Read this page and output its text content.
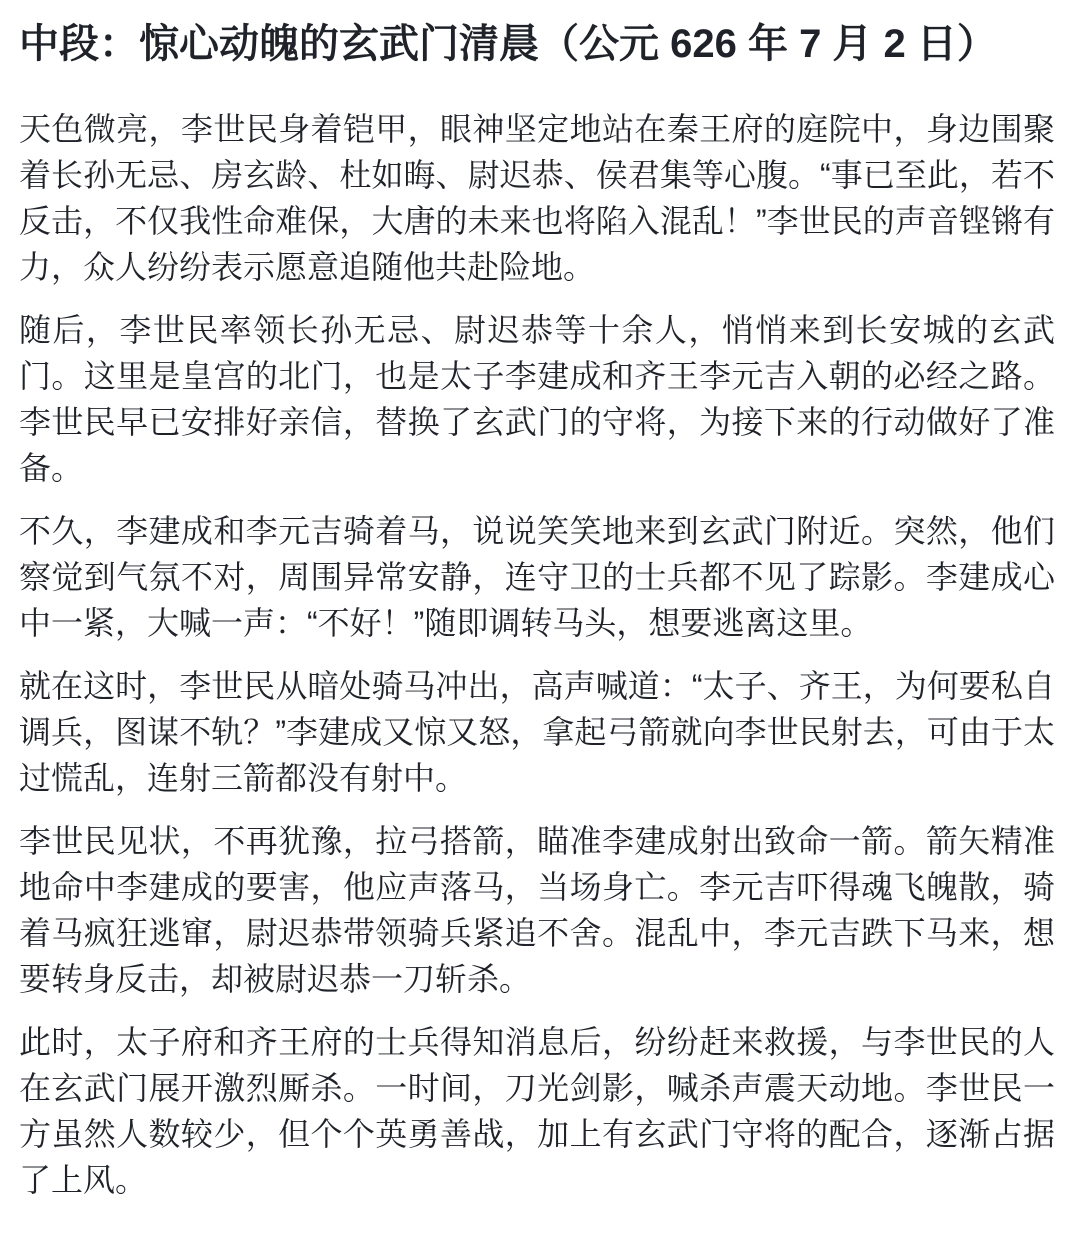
中段：惊心动魄的玄武门清晨（公元 626 年 7 月 2 日）

天色微亮，李世民身着铠甲，眼神坚定地站在秦王府的庭院中，身边围聚着长孙无忌、房玄龄、杜如晦、尉迟恭、侯君集等心腹。“事已至此，若不反击，不仅我性命难保，大唐的未来也将陷入混乱！”李世民的声音铿锵有力，众人纷纷表示愿意追随他共赴险地。

随后，李世民率领长孙无忌、尉迟恭等十余人，悄悄来到长安城的玄武门。这里是皇宫的北门，也是太子李建成和齐王李元吉入朝的必经之路。李世民早已安排好亲信，替换了玄武门的守将，为接下来的行动做好了准备。

不久，李建成和李元吉骑着马，说说笑笑地来到玄武门附近。突然，他们察觉到气氛不对，周围异常安静，连守卫的士兵都不见了踪影。李建成心中一紧，大喊一声：“不好！”随即调转马头，想要逃离这里。

就在这时，李世民从暗处骑马冲出，高声喊道：“太子、齐王，为何要私自调兵，图谋不轨？”李建成又惊又怒，拿起弓箭就向李世民射去，可由于太过慌乱，连射三箭都没有射中。

李世民见状，不再犹豫，拉弓搭箭，瞄准李建成射出致命一箭。箭矢精准地命中李建成的要害，他应声落马，当场身亡。李元吉吓得魂飞魄散，骑着马疯狂逃窜，尉迟恭带领骑兵紧追不舍。混乱中，李元吉跌下马来，想要转身反击，却被尉迟恭一刀斩杀。

此时，太子府和齐王府的士兵得知消息后，纷纷赶来救援，与李世民的人在玄武门展开激烈厮杀。一时间，刀光剑影，喊杀声震天动地。李世民一方虽然人数较少，但个个英勇善战，加上有玄武门守将的配合，逐渐占据了上风。
